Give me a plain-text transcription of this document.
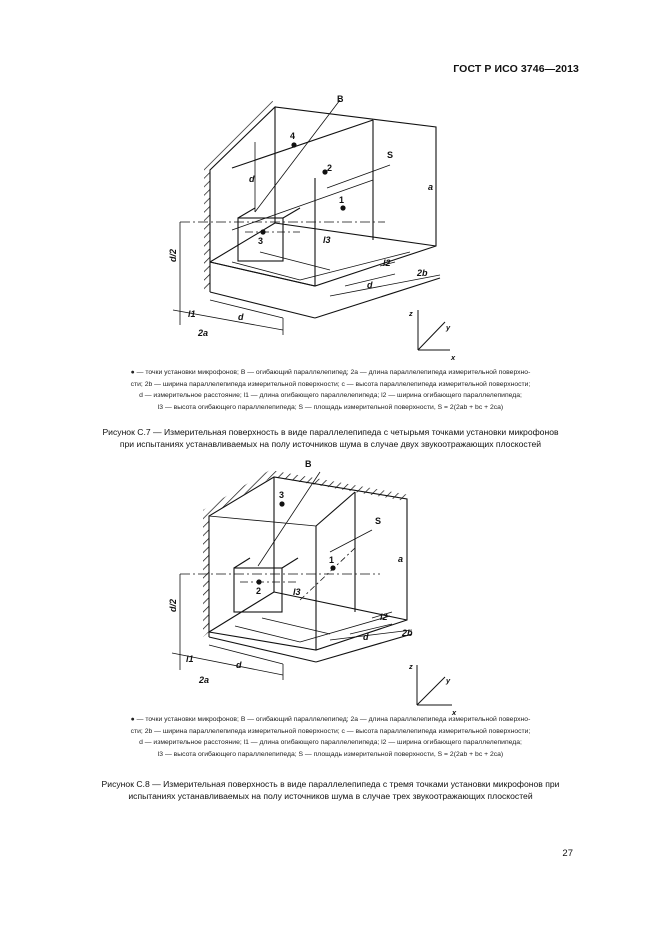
ГОСТ Р ИСО 3746—2013
B
S
4
2
1
3
a
d
d/2
l3
l2
2b
d
l1	d
2a
z
y
x
● — точки установки микрофонов; В — огибающий параллелепипед; 2а — длина параллелепипеда измерительной поверхно-
сти; 2b — ширина параллелепипеда измерительной поверхности; с — высота параллелепипеда измерительной поверхности;
d — измерительное расстояние; l1 — длина огибающего параллелепипеда; l2 — ширина огибающего параллелепипеда;
l3 — высота огибающего параллелепипеда; S — площадь измерительной поверхности, S = 2(2ab + bc + 2ca)
Рисунок С.7 — Измерительная поверхность в виде параллелепипеда с четырьмя точками установки микрофонов
при испытаниях устанавливаемых на полу источников шума в случае двух звукоотражающих плоскостей
B
S
3
1
2
a
d/2
l3
l2
2b
d
l1
d
2a
z
y
x
● — точки установки микрофонов; В — огибающий параллелепипед; 2а — длина параллелепипеда измерительной поверхно-
сти; 2b — ширина параллелепипеда измерительной поверхности; с — высота параллелепипеда измерительной поверхности;
d — измерительное расстояние; l1 — длина огибающего параллелепипеда; l2 — ширина огибающего параллелепипеда;
l3 — высота огибающего параллелепипеда; S — площадь измерительной поверхности, S = 2(2ab + bc + 2ca)
Рисунок С.8 — Измерительная поверхность в виде параллелепипеда с тремя точками установки микрофонов при
испытаниях устанавливаемых на полу источников шума в случае трех звукоотражающих плоскостей
27
